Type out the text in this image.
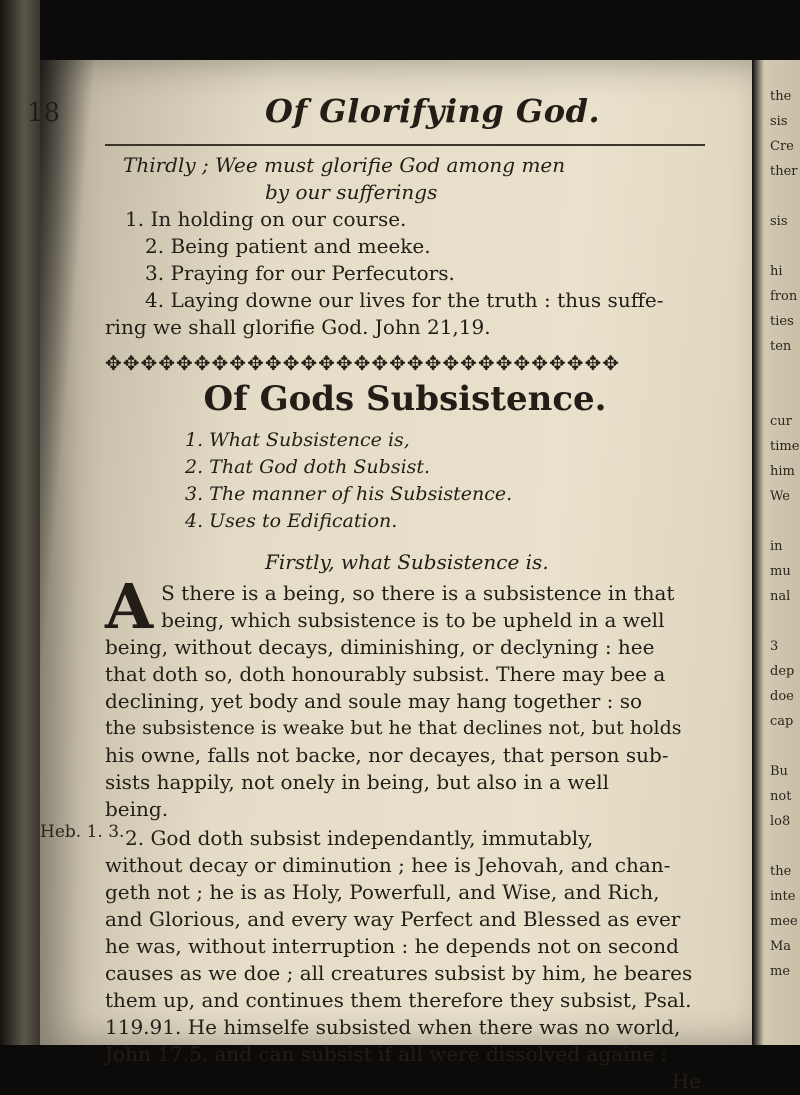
the
sis
Cre
ther
sis
hi
fron
ties
ten
cur
time
him
We
in
mu
nal
3
dep
doe
cap
Bu
not
lo8
the
inte
mee
Ma
me
18	Of Glorifying God.
Thirdly ; Wee must glorifie God among men
by our sufferings
1. In holding on our course.
2. Being patient and meeke.
3. Praying for our Perfecutors.
4. Laying downe our lives for the truth : thus suffe-
ring we shall glorifie God. John 21,19.
✥✥✥✥✥✥✥✥✥✥✥✥✥✥✥✥✥✥✥✥✥✥✥✥✥✥✥✥✥
Of Gods Subsistence.
1. What Subsistence is,
2. That God doth Subsist.
3. The manner of his Subsistence.
4. Uses to Edification.
Firstly, what Subsistence is.
A S there is a being, so there is a subsistence in that
being, which subsistence is to be upheld in a well
being, without decays, diminishing, or declyning : hee
that doth so, doth honourably subsist. There may bee a
declining, yet body and soule may hang together : so
the subsistence is weake but he that declines not, but holds
his owne, falls not backe, nor decayes, that person sub-
sists happily, not onely in being, but also in a well
being.
2. God doth subsist independantly, immutably,
without decay or diminution ; hee is Jehovah, and chan-
geth not ; he is as Holy, Powerfull, and Wise, and Rich,
and Glorious, and every way Perfect and Blessed as ever
he was, without interruption : he depends not on second
causes as we doe ; all creatures subsist by him, he beares
them up, and continues them therefore they subsist, Psal.
119.91. He himselfe subsisted when there was no world,
John 17.5. and can subsist if all were dissolved againe :
He
Heb. 1. 3.
